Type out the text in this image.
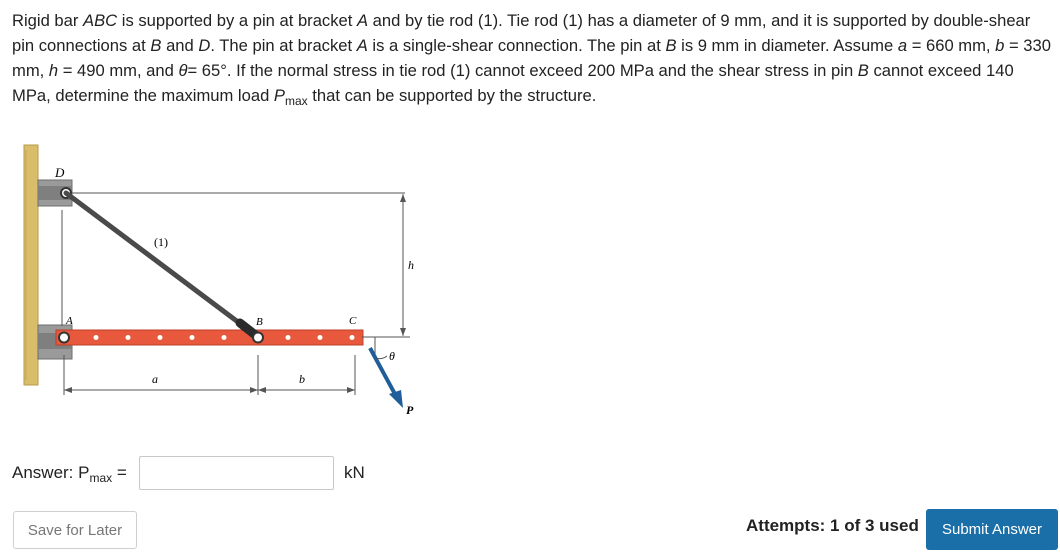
Rigid bar ABC is supported by a pin at bracket A and by tie rod (1). Tie rod (1) has a diameter of 9 mm, and it is supported by double-shear pin connections at B and D. The pin at bracket A is a single-shear connection. The pin at B is 9 mm in diameter. Assume a = 660 mm, b = 330 mm, h = 490 mm, and θ= 65°. If the normal stress in tie rod (1) cannot exceed 200 MPa and the shear stress in pin B cannot exceed 140 MPa, determine the maximum load $P_{max}$ that can be supported by the structure.
D
A	B	C
(1)
h
a	b
θ
P
Answer: $P_{max}$ =	kN
Save for Later	Attempts: 1 of 3 used	Submit Answer
